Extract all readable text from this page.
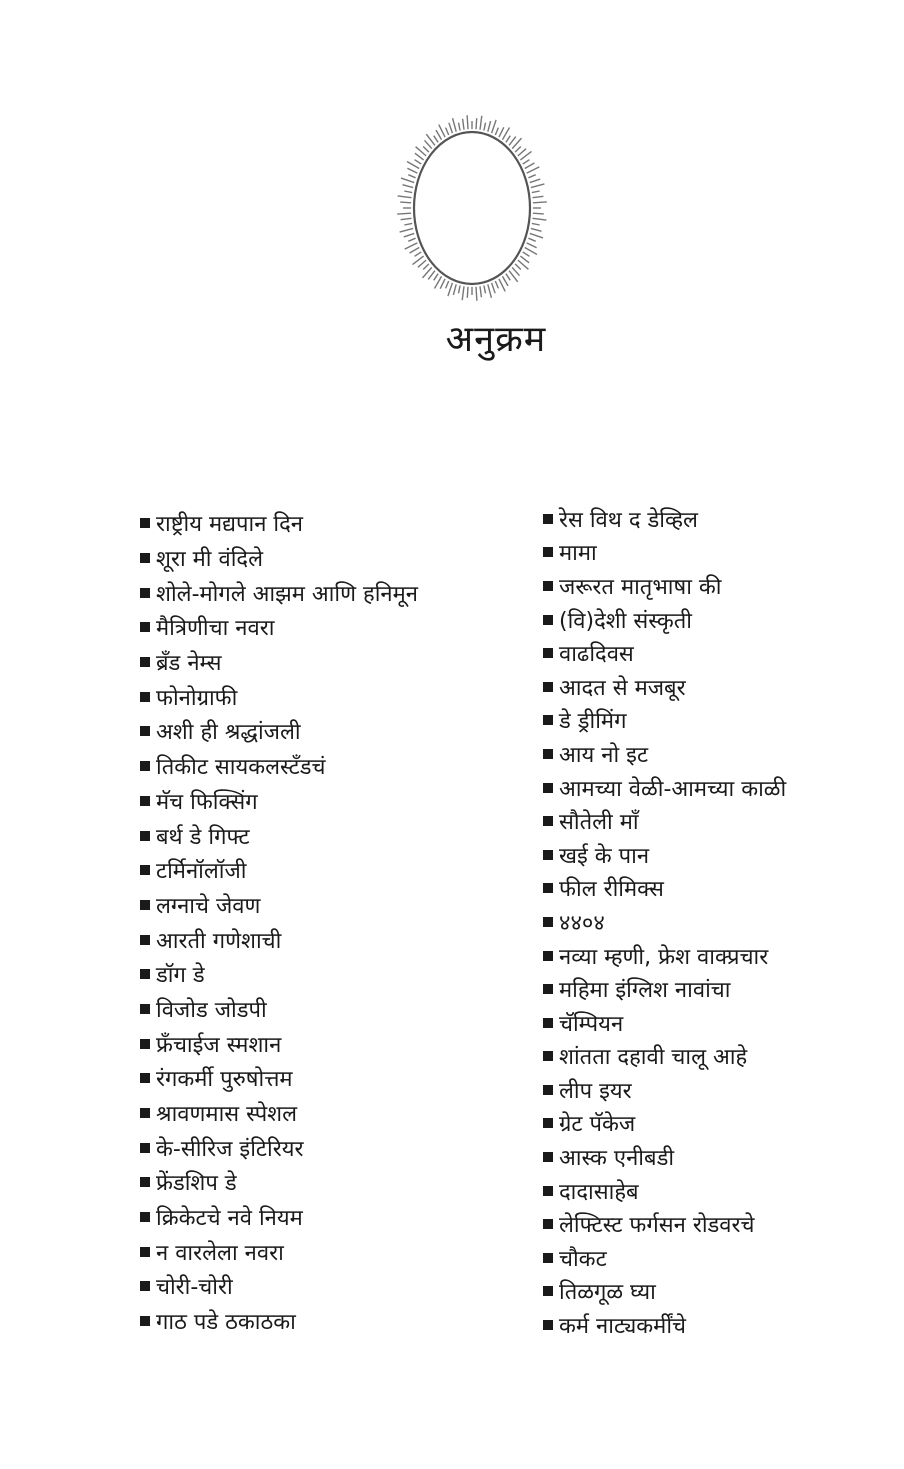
अनुक्रम
राष्ट्रीय मद्यपान दिन
शूरा मी वंदिले
शोले-मोगले आझम आणि हनिमून
मैत्रिणीचा नवरा
ब्रॅंड नेम्स
फोनोग्राफी
अशी ही श्रद्धांजली
तिकीट सायकलस्टँडचं
मॅच फिक्सिंग
बर्थ डे गिफ्ट
टर्मिनॉलॉजी
लग्नाचे जेवण
आरती गणेशाची
डॉग डे
विजोड जोडपी
फ्रँचाईज स्मशान
रंगकर्मी पुरुषोत्तम
श्रावणमास स्पेशल
के-सीरिज इंटिरियर
फ्रेंडशिप डे
क्रिकेटचे नवे नियम
न वारलेला नवरा
चोरी-चोरी
गाठ पडे ठकाठका
रेस विथ द डेव्हिल
मामा
जरूरत मातृभाषा की
(वि)देशी संस्कृती
वाढदिवस
आदत से मजबूर
डे ड्रीमिंग
आय नो इट
आमच्या वेळी-आमच्या काळी
सौतेली माँ
खई के पान
फील रीमिक्स
४४०४
नव्या म्हणी, फ्रेश वाक्प्रचार
महिमा इंग्लिश नावांचा
चॅम्पियन
शांतता दहावी चालू आहे
लीप इयर
ग्रेट पॅकेज
आस्क एनीबडी
दादासाहेब
लेफ्टिस्ट फर्गसन रोडवरचे
चौकट
तिळगूळ घ्या
कर्म नाट्यकर्मींचे
